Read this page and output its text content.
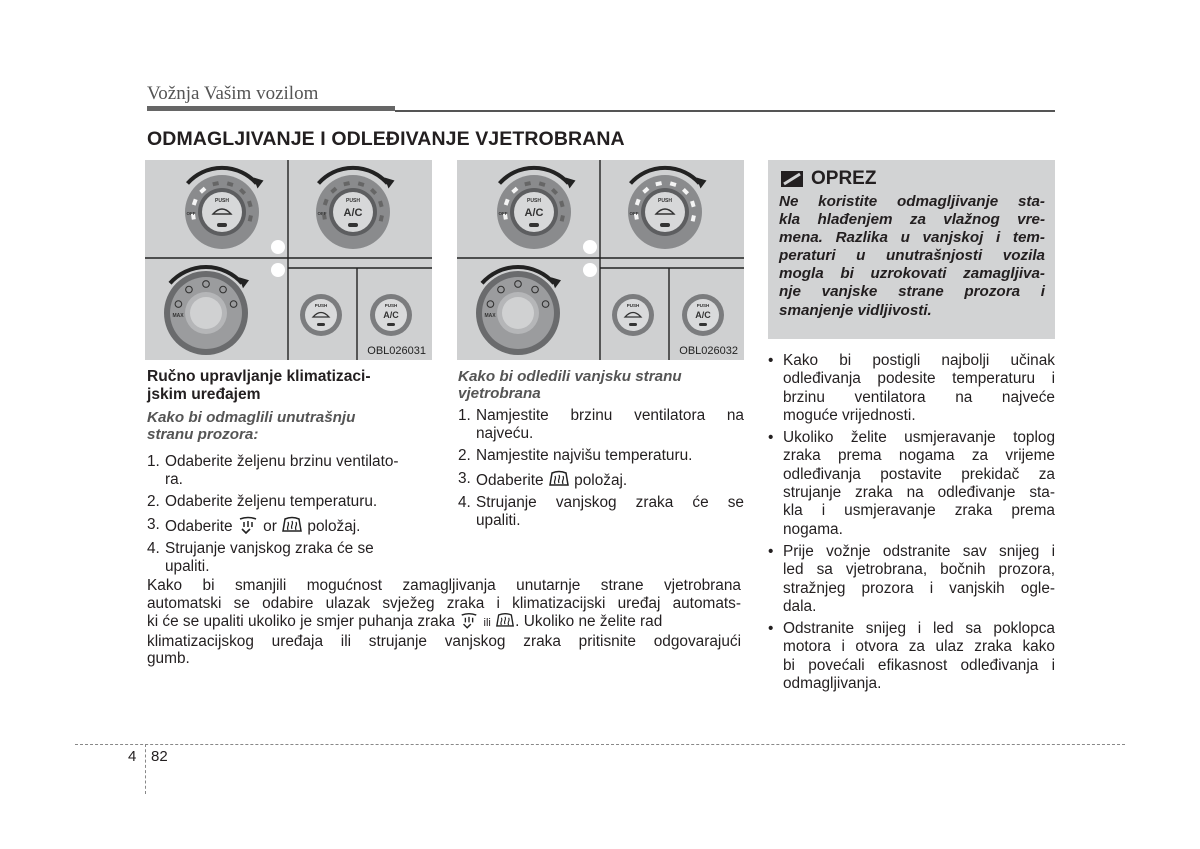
Vožnja Vašim vozilom
ODMAGLJIVANJE I ODLEĐIVANJE VJETROBRANA
PUSH
OFF
PUSH
A/C
OFF
MAX
PUSH	PUSH
A/C
OBL026031
PUSH
A/C
OFF
PUSH
OFF
MAX
PUSH	PUSH
A/C
OBL026032
Ručno upravljanje klimatizaci-
jskim uređajem
Kako bi odmaglili unutrašnju
stranu prozora:
1. Odaberite željenu brzinu ventilato-
ra.
2. Odaberite željenu temperaturu.
3. Odaberite or položaj.
4. Strujanje vanjskog zraka će se
upaliti.
Kako bi smanjili mogućnost zamagljivanja unutarnje strane vjetrobrana
automatski se odabire ulazak svježeg zraka i klimatizacijski uređaj automats-
ki će se upaliti ukoliko je smjer puhanja zraka	ili . Ukoliko ne želite rad
klimatizacijskog uređaja ili strujanje vanjskog zraka pritisnite odgovarajući
gumb.
Kako bi odledili vanjsku stranu
vjetrobrana
1. Namjestite brzinu ventilatora na
najveću.
2. Namjestite najvišu temperaturu.
3. Odaberite položaj.
4. Strujanje vanjskog zraka će se
upaliti.
OPREZ
Ne koristite odmagljivanje sta-
kla hlađenjem za vlažnog vre-
mena. Razlika u vanjskoj i tem-
peraturi u unutrašnjosti vozila
mogla bi uzrokovati zamagljiva-
nje vanjske strane prozora i
smanjenje vidljivosti.
• Kako bi postigli najbolji učinak
odleđivanja podesite temperaturu i
brzinu ventilatora na najveće
moguće vrijednosti.
• Ukoliko želite usmjeravanje toplog
zraka prema nogama za vrijeme
odleđivanja postavite prekidač za
strujanje zraka na odleđivanje sta-
kla i usmjeravanje zraka prema
nogama.
• Prije vožnje odstranite sav snijeg i
led sa vjetrobrana, bočnih prozora,
stražnjeg prozora i vanjskih ogle-
dala.
• Odstranite snijeg i led sa poklopca
motora i otvora za ulaz zraka kako
bi povećali efikasnost odleđivanja i
odmagljivanja.
4 82
